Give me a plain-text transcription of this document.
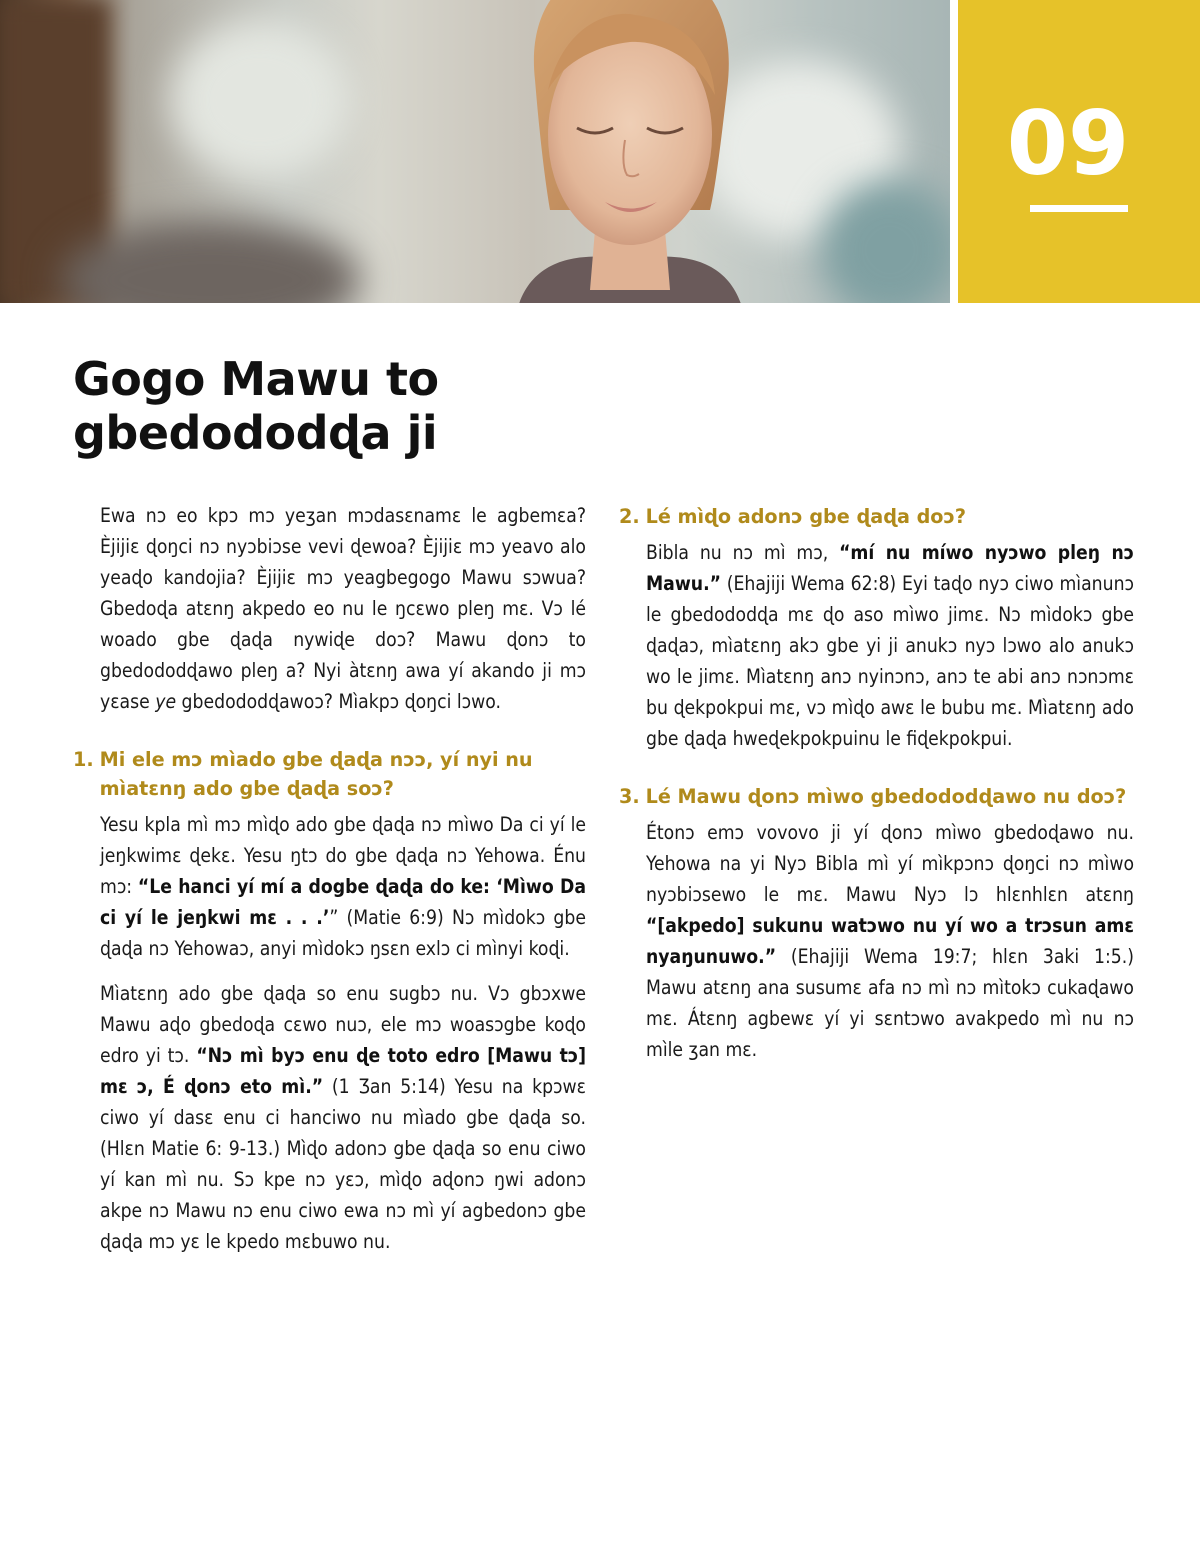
09
Gogo Mawu to
gbedododɖa ji

Ewa nɔ eo kpɔ mɔ yeʒan mɔdasɛnamɛ le agbemɛa? Èjijiɛ ɖoŋci nɔ nyɔbiɔse vevi ɖewoa? Èjijiɛ mɔ yeavo alo yeaɖo kandojia? Èjijiɛ mɔ yeagbegogo Mawu sɔwua? Gbedoɖa atɛnŋ akpedo eo nu le ŋcɛwo pleŋ mɛ. Vɔ lé woado gbe ɖaɖa nywiɖe doɔ? Mawu ɖonɔ to gbedododɖawo pleŋ a? Nyi àtɛnŋ awa yí akando ji mɔ yɛase ye gbedododɖawoɔ? Mìakpɔ ɖoŋci lɔwo.

1. Mi ele mɔ mìado gbe ɖaɖa nɔɔ, yí nyi nu mìatɛnŋ ado gbe ɖaɖa soɔ?

Yesu kpla mì mɔ mìɖo ado gbe ɖaɖa nɔ mìwo Da ci yí le jeŋkwimɛ ɖekɛ. Yesu ŋtɔ do gbe ɖaɖa nɔ Yehowa. Énu mɔ: “Le hanci yí mí a dogbe ɖaɖa do ke: ‘Mìwo Da ci yí le jeŋkwi mɛ . . .’” (Matie 6:9) Nɔ mìdokɔ gbe ɖaɖa nɔ Yehowaɔ, anyi mìdokɔ ŋsɛn exlɔ ci mìnyi koɖi.

Mìatɛnŋ ado gbe ɖaɖa so enu sugbɔ nu. Vɔ gbɔxwe Mawu aɖo gbedoɖa cɛwo nuɔ, ele mɔ woasɔgbe koɖo edro yi tɔ. “Nɔ mì byɔ enu ɖe toto edro [Mawu tɔ] mɛ ɔ, É ɖonɔ eto mì.” (1 Ʒan 5:14) Yesu na kpɔwɛ ciwo yí dasɛ enu ci hanciwo nu mìado gbe ɖaɖa so. (Hlɛn Matie 6: 9-13.) Mìɖo adonɔ gbe ɖaɖa so enu ciwo yí kan mì nu. Sɔ kpe nɔ yɛɔ, mìɖo aɖonɔ ŋwi adonɔ akpe nɔ Mawu nɔ enu ciwo ewa nɔ mì yí agbedonɔ gbe ɖaɖa mɔ yɛ le kpedo mɛbuwo nu.

2. Lé mìɖo adonɔ gbe ɖaɖa doɔ?

Bibla nu nɔ mì mɔ, “mí nu míwo nyɔwo pleŋ nɔ Mawu.” (Ehajiji Wema 62:8) Eyi taɖo nyɔ ciwo mìanunɔ le gbedododɖa mɛ ɖo aso mìwo jimɛ. Nɔ mìdokɔ gbe ɖaɖaɔ, mìatɛnŋ akɔ gbe yi ji anukɔ nyɔ lɔwo alo anukɔ wo le jimɛ. Mìatɛnŋ anɔ nyinɔnɔ, anɔ te abi anɔ nɔnɔmɛ bu ɖekpokpui mɛ, vɔ mìɖo awɛ le bubu mɛ. Mìatɛnŋ ado gbe ɖaɖa hweɖekpokpuinu le fiɖekpokpui.

3. Lé Mawu ɖonɔ mìwo gbedododɖawo nu doɔ?

Étonɔ emɔ vovovo ji yí ɖonɔ mìwo gbedoɖawo nu. Yehowa na yi Nyɔ Bibla mì yí mìkpɔnɔ ɖoŋci nɔ mìwo nyɔbiɔsewo le mɛ. Mawu Nyɔ lɔ hlɛnhlɛn atɛnŋ “[akpedo] sukunu watɔwo nu yí wo a trɔsun amɛ nyaŋunuwo.” (Ehajiji Wema 19:7; hlɛn 3aki 1:5.) Mawu atɛnŋ ana susumɛ afa nɔ mì nɔ mìtokɔ cukaɖawo mɛ. Átɛnŋ agbewɛ yí yi sɛntɔwo avakpedo mì nu nɔ mìle ʒan mɛ.
